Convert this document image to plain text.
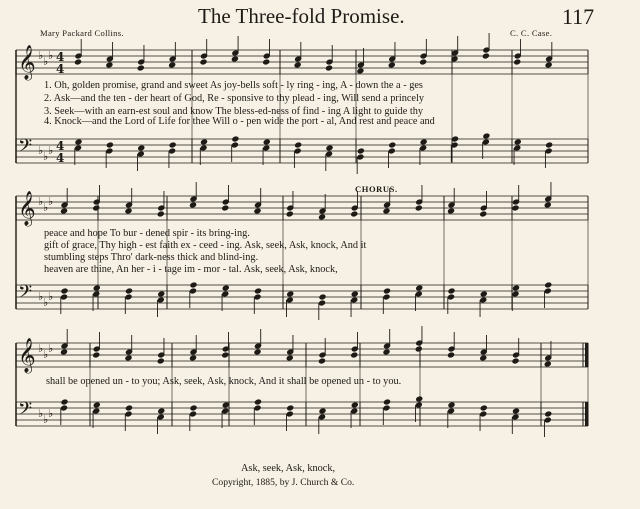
The Three-fold Promise.	117
Mary Packard Collins.	C. C. Case.
𝄞 ♭ ♭ ♭ 4
4
𝄢 ♭ ♭ ♭ 4
4
𝄞 ♭ ♭ ♭
𝄢 ♭ ♭ ♭
𝄞 ♭ ♭ ♭
𝄢 ♭ ♭ ♭
1. Oh, golden promise, grand and sweet As joy-bells soft - ly ring - ing, A - down the a - ges
2. Ask—and the ten - der heart of God, Re - sponsive to thy plead - ing, Will send a princely
3. Seek—with an earn-est soul and know The bless-ed-ness of find - ing A light to guide thy
4. Knock—and the Lord of Life for thee Will o - pen wide the port - al, And rest and peace and
CHORUS.
peace and hope To bur - dened spir - its bring-ing.
gift of grace, Thy high - est faith ex - ceed - ing. Ask, seek, Ask, knock, And it
stumbling steps Thro' dark-ness thick and blind-ing.
heaven are thine, An her - i - tage im - mor - tal. Ask, seek, Ask, knock,
shall be opened un - to you; Ask, seek, Ask, knock, And it shall be opened un - to you.
Ask, seek, Ask, knock,
Copyright, 1885, by J. Church & Co.
